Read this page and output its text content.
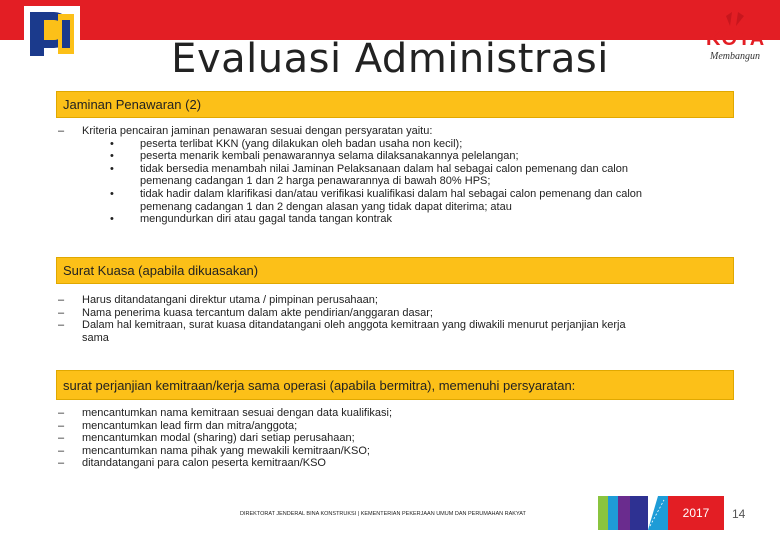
KOTA
Membangun
Evaluasi Administrasi
Jaminan Penawaran (2)
–	Kriteria pencairan jaminan penawaran sesuai dengan persyaratan yaitu:
•	peserta terlibat KKN (yang dilakukan oleh badan usaha non kecil);
•	peserta menarik kembali penawarannya selama dilaksanakannya pelelangan;
•	tidak bersedia menambah nilai Jaminan Pelaksanaan dalam hal sebagai calon pemenang dan calon
pemenang cadangan 1 dan 2 harga penawarannya di bawah 80% HPS;
•	tidak hadir dalam klarifikasi dan/atau verifikasi kualifikasi dalam hal sebagai calon pemenang dan calon
pemenang cadangan 1 dan 2 dengan alasan yang tidak dapat diterima; atau
•	mengundurkan diri atau gagal tanda tangan kontrak
Surat Kuasa (apabila dikuasakan)
–	Harus ditandatangani direktur utama / pimpinan perusahaan;
–	Nama penerima kuasa tercantum dalam akte pendirian/anggaran dasar;
–	Dalam hal kemitraan, surat kuasa ditandatangani oleh anggota kemitraan yang diwakili menurut perjanjian kerja
sama
surat perjanjian kemitraan/kerja sama operasi (apabila bermitra), memenuhi persyaratan:
–	mencantumkan nama kemitraan sesuai dengan data kualifikasi;
–	mencantumkan lead firm dan mitra/anggota;
–	mencantumkan modal (sharing) dari setiap perusahaan;
–	mencantumkan nama pihak yang mewakili kemitraan/KSO;
–	ditandatangani para calon peserta kemitraan/KSO
DIREKTORAT JENDERAL BINA KONSTRUKSI | KEMENTERIAN PEKERJAAN UMUM DAN PERUMAHAN RAKYAT	2017	14
